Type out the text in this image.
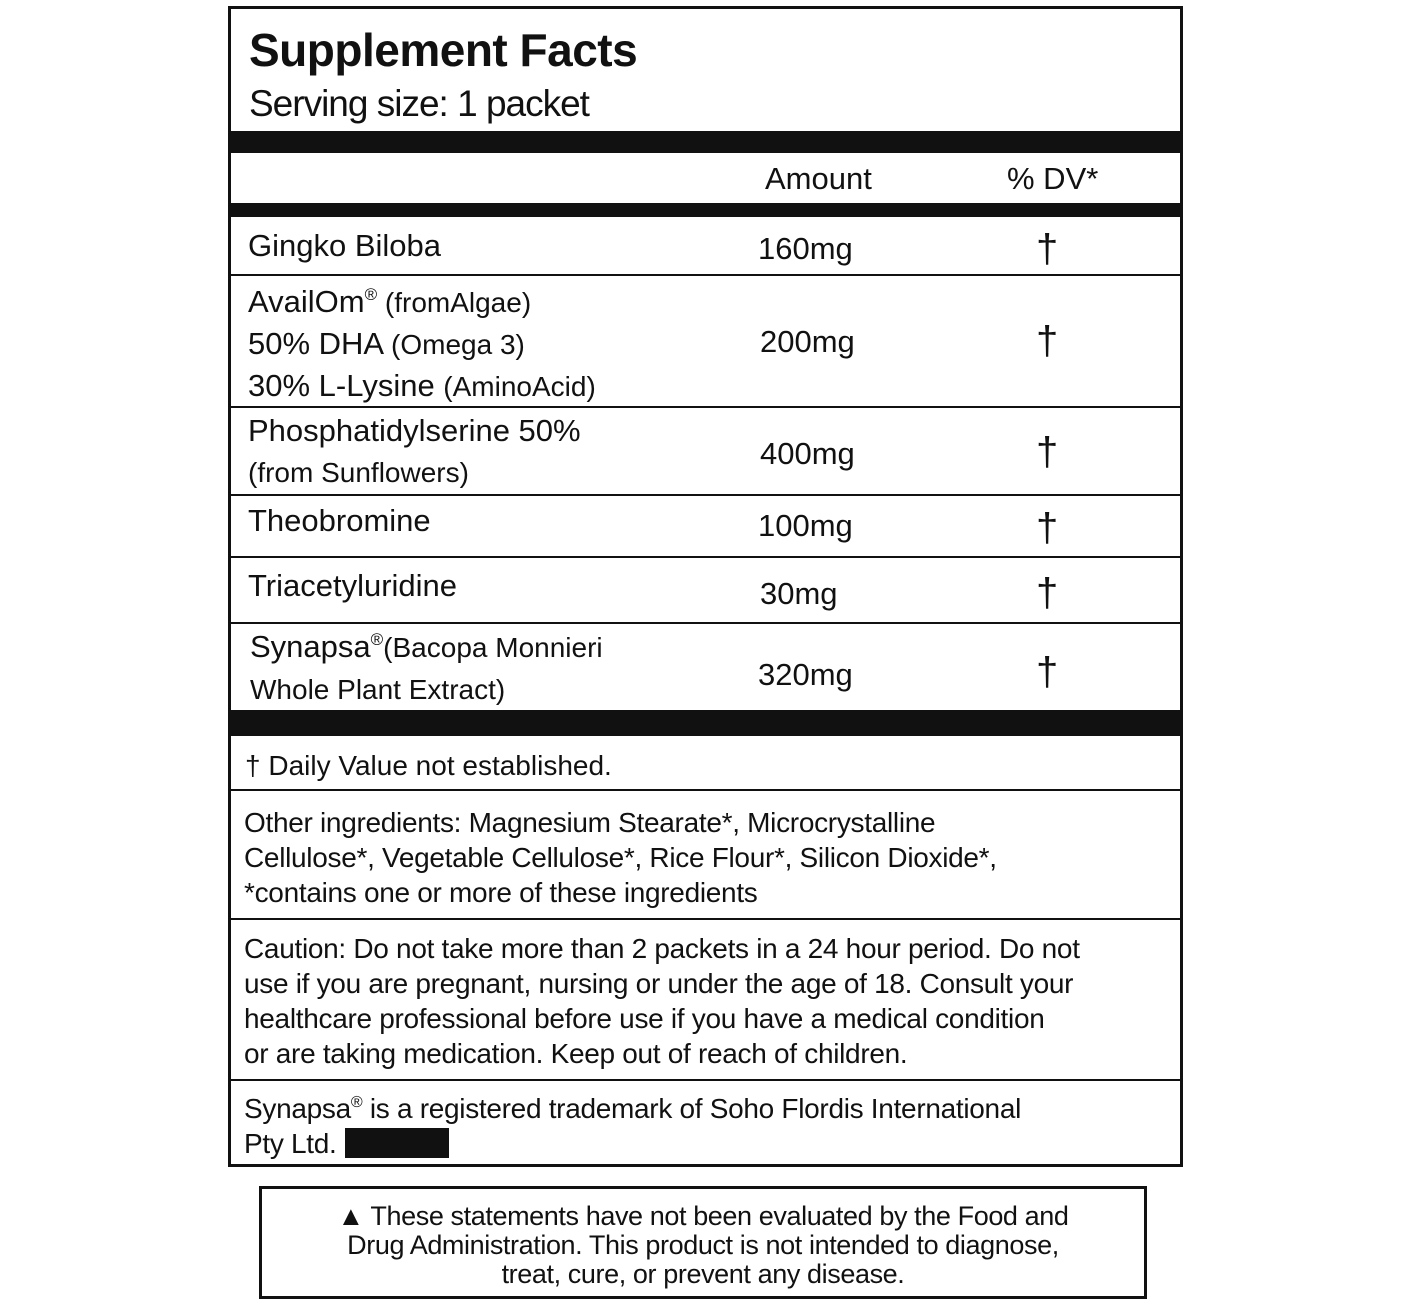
Supplement Facts
Serving size: 1 packet
Amount	% DV*
Gingko Biloba	160mg	†
AvailOm® (fromAlgae)
50% DHA (Omega 3)
30% L-Lysine (AminoAcid)
200mg	†
Phosphatidylserine 50%
(from Sunflowers)
400mg	†
Theobromine	100mg	†
Triacetyluridine	30mg	†
Synapsa®(Bacopa Monnieri
Whole Plant Extract)	320mg	†
† Daily Value not established.
Other ingredients: Magnesium Stearate*, Microcrystalline
Cellulose*, Vegetable Cellulose*, Rice Flour*, Silicon Dioxide*,
*contains one or more of these ingredients
Caution: Do not take more than 2 packets in a 24 hour period. Do not
use if you are pregnant, nursing or under the age of 18. Consult your
healthcare professional before use if you have a medical condition
or are taking medication. Keep out of reach of children.
Synapsa® is a registered trademark of Soho Flordis International
Pty Ltd.
▲ These statements have not been evaluated by the Food and
Drug Administration. This product is not intended to diagnose,
treat, cure, or prevent any disease.
